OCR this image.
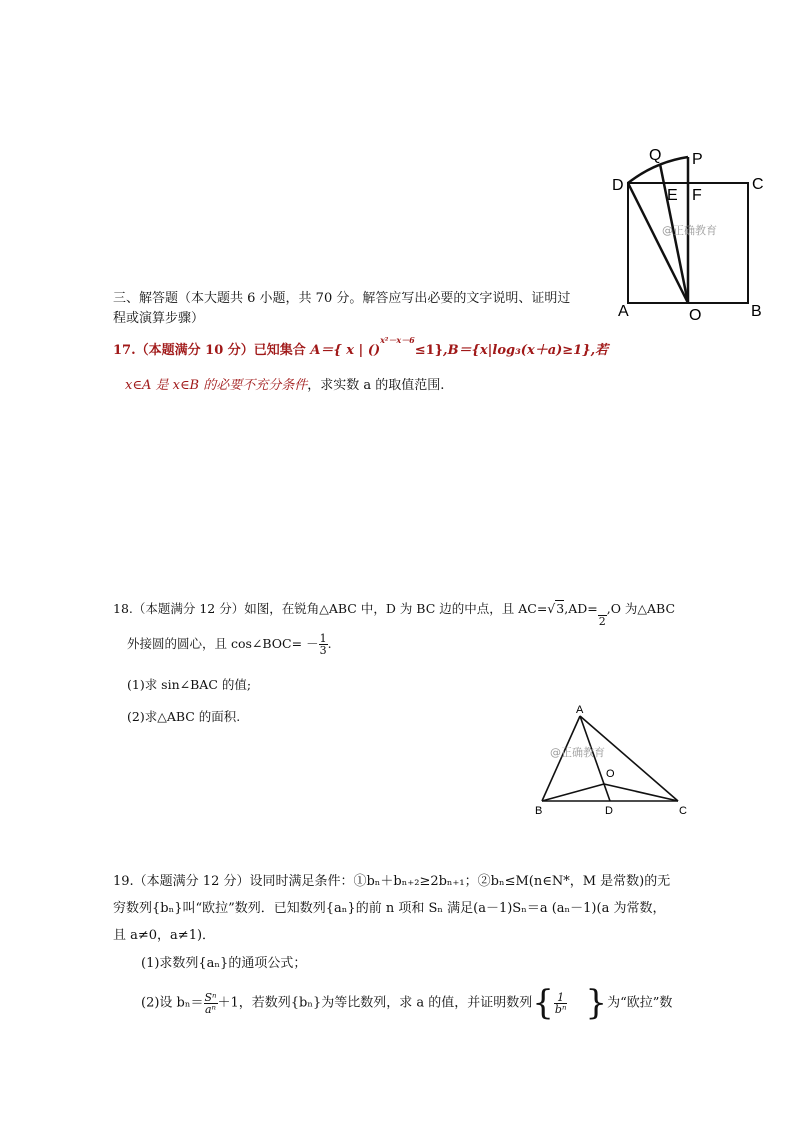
Q P
D	C
E F
A	O	B
@正确教育
三、解答题（本大题共 6 小题，共 70 分。解答应写出必要的文字说明、证明过
程或演算步骤）
17.（本题满分 10 分）已知集合 A＝{ x | ()$^{x^2-x-6}$≤1},B＝{x|log₃(x＋a)≥1},若
x∈A 是 x∈B 的必要不充分条件，求实数 a 的取值范围.
18.（本题满分 12 分）如图，在锐角△ABC 中，D 为 BC 边的中点，且 AC=√3,AD=

2
,O 为△ABC
外接圆的圆心，且 cos∠BOC= － $\frac{1}{3}$ .
(1)求 sin∠BAC 的值;
(2)求△ABC 的面积.	A
O
B	D	C
@正确教育
19.（本题满分 12 分）设同时满足条件：①bₙ＋bₙ₊₂≥2bₙ₊₁；②bₙ≤M(n∈N*，M 是常数)的无
穷数列{bₙ}叫“欧拉”数列．已知数列{aₙ}的前 n 项和 Sₙ 满足(a－1)Sₙ＝a (aₙ－1)(a 为常数，
且 a≠0，a≠1)．
(1)求数列{aₙ}的通项公式；
(2)设 $b_n= \frac{\text{Sⁿ}}{\text{aⁿ}} +1$，若数列{bₙ}为等比数列，求 a 的值，并证明数列{ $\frac{1}{\text{bⁿ}}$ }为“欧拉”数
